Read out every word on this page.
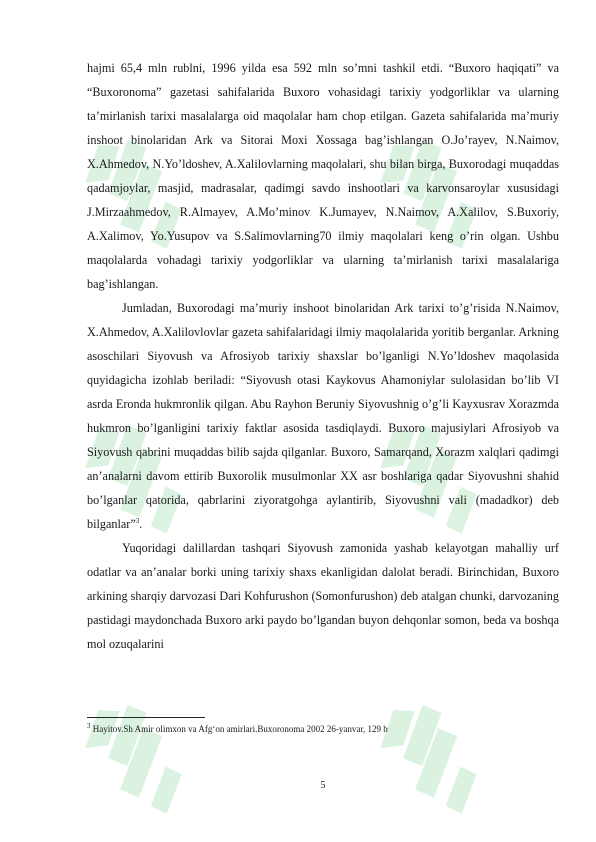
hajmi 65,4 mln rublni, 1996 yilda esa 592 mln so’mni tashkil etdi. “Buxoro haqiqati” va “Buxoronoma” gazetasi sahifalarida Buxoro vohasidagi tarixiy yodgorliklar va ularning ta’mirlanish tarixi masalalarga oid maqolalar ham chop etilgan. Gazeta sahifalarida ma’muriy inshoot binolaridan Ark va Sitorai Moxi Xossaga bag’ishlangan O.Jo’rayev, N.Naimov, X.Ahmedov, N.Yo’ldoshev, A.Xalilovlarning maqolalari, shu bilan birga, Buxorodagi muqaddas qadamjoylar, masjid, madrasalar, qadimgi savdo inshootlari va karvonsaroylar xususidagi J.Mirzaahmedov, R.Almayev, A.Mo’minov K.Jumayev, N.Naimov, A.Xalilov, S.Buxoriy, A.Xalimov, Yo.Yusupov va S.Salimovlarning70 ilmiy maqolalari keng o’rin olgan. Ushbu maqolalarda vohadagi tarixiy yodgorliklar va ularning ta’mirlanish tarixi masalalariga bag’ishlangan.

Jumladan, Buxorodagi ma’muriy inshoot binolaridan Ark tarixi to’g’risida N.Naimov, X.Ahmedov, A.Xalilovlovlar gazeta sahifalaridagi ilmiy maqolalarida yoritib berganlar. Arkning asoschilari Siyovush va Afrosiyob tarixiy shaxslar bo’lganligi N.Yo’ldoshev maqolasida quyidagicha izohlab beriladi: “Siyovush otasi Kaykovus Ahamoniylar sulolasidan bo’lib VI asrda Eronda hukmronlik qilgan. Abu Rayhon Beruniy Siyovushnig o’g’li Kayxusrav Xorazmda hukmron bo’lganligini tarixiy faktlar asosida tasdiqlaydi. Buxoro majusiylari Afrosiyob va Siyovush qabrini muqaddas bilib sajda qilganlar. Buxoro, Samarqand, Xorazm xalqlari qadimgi an’analarni davom ettirib Buxorolik musulmonlar XX asr boshlariga qadar Siyovushni shahid bo’lganlar qatorida, qabrlarini ziyoratgohga aylantirib, Siyovushni vali (madadkor) deb bilganlar”$^3$.

Yuqoridagi dalillardan tashqari Siyovush zamonida yashab kelayotgan mahalliy urf odatlar va an’analar borki uning tarixiy shaxs ekanligidan dalolat beradi. Birinchidan, Buxoro arkining sharqiy darvozasi Dari Kohfurushon (Somonfurushon) deb atalgan chunki, darvozaning pastidagi maydonchada Buxoro arki paydo bo’lgandan buyon dehqonlar somon, beda va boshqa mol ozuqalarini

$^3$ Hayitov.Sh Amir olimxon va Afg‘on amirlari.Buxoronoma 2002 26-yanvar, 129 b
5
